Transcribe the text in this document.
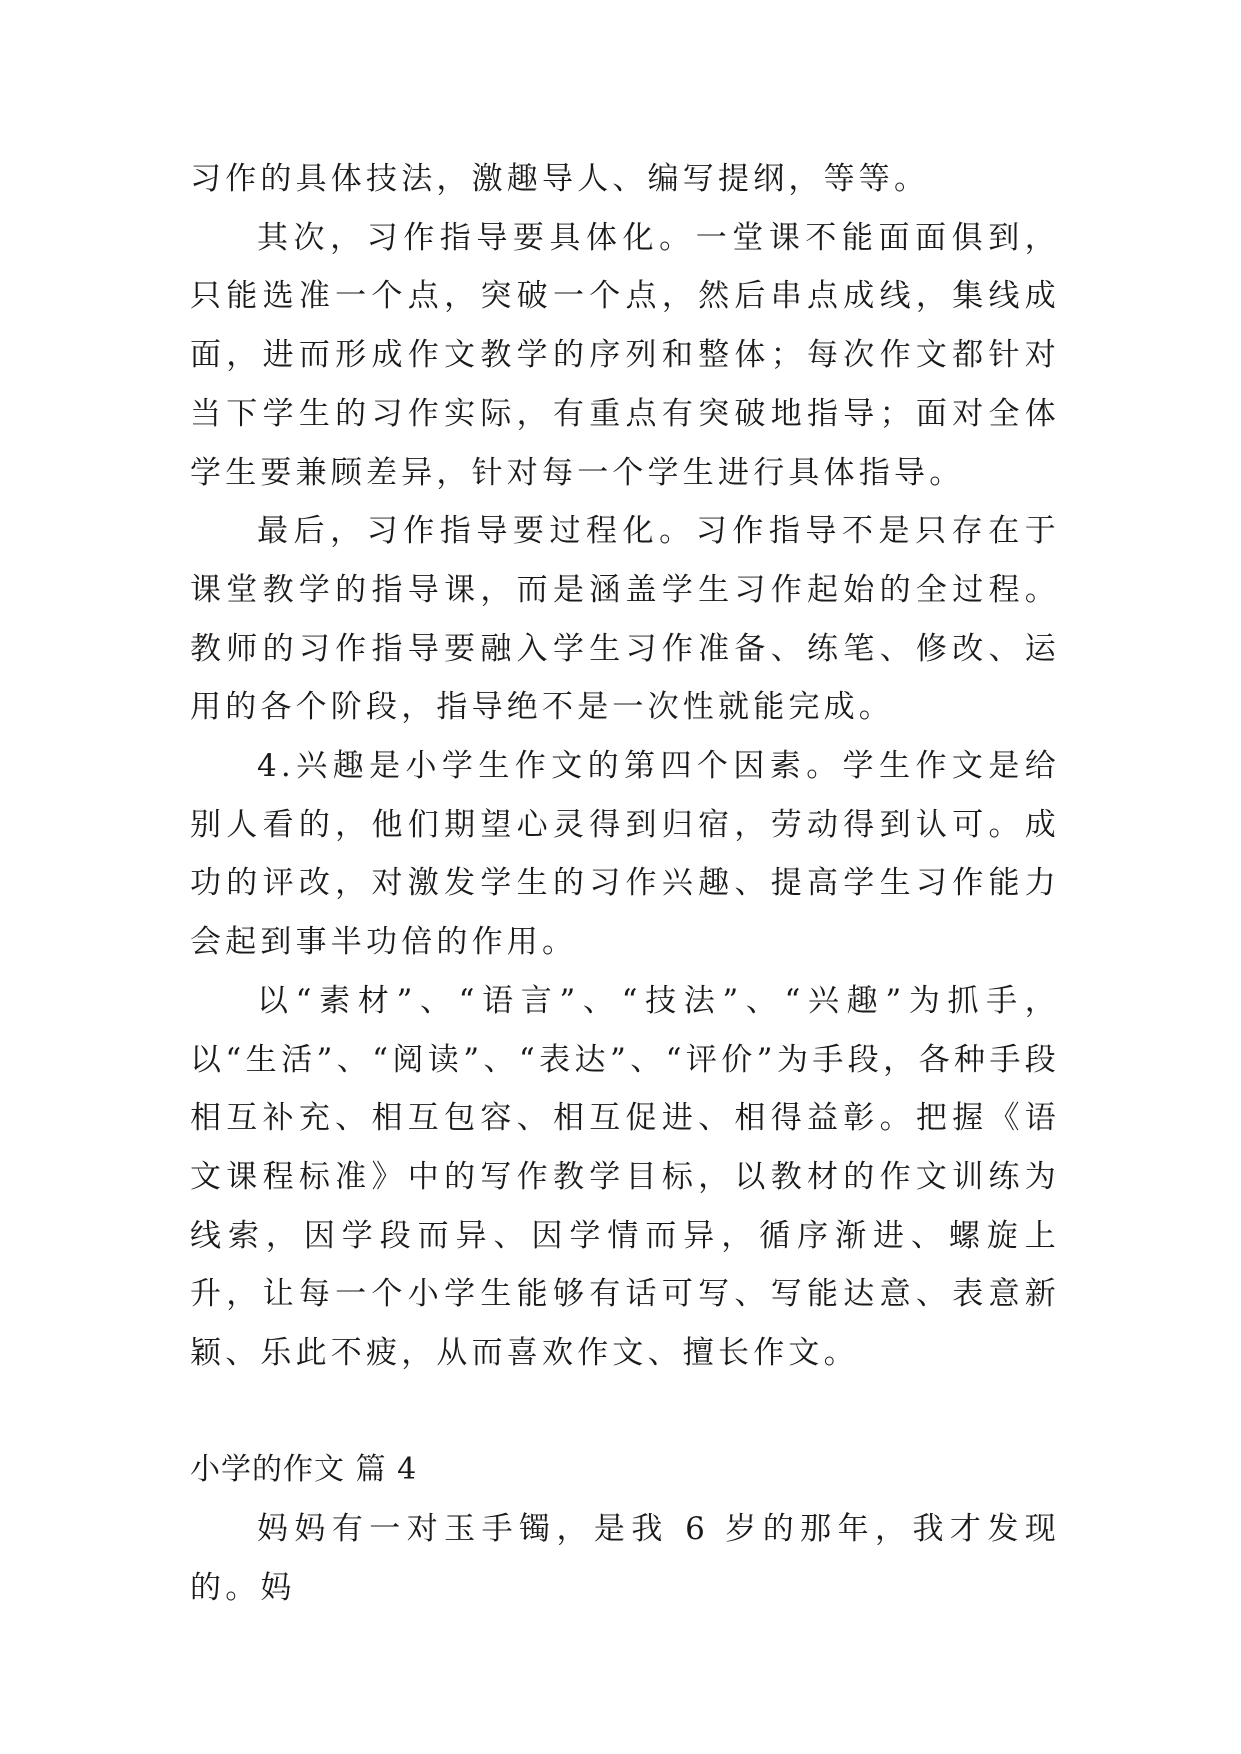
习作的具体技法，激趣导人、编写提纲，等等。

其次，习作指导要具体化。一堂课不能面面俱到，只能选准一个点，突破一个点，然后串点成线，集线成面，进而形成作文教学的序列和整体；每次作文都针对当下学生的习作实际，有重点有突破地指导；面对全体学生要兼顾差异，针对每一个学生进行具体指导。

最后，习作指导要过程化。习作指导不是只存在于课堂教学的指导课，而是涵盖学生习作起始的全过程。教师的习作指导要融入学生习作准备、练笔、修改、运用的各个阶段，指导绝不是一次性就能完成。

4.兴趣是小学生作文的第四个因素。学生作文是给别人看的，他们期望心灵得到归宿，劳动得到认可。成功的评改，对激发学生的习作兴趣、提高学生习作能力会起到事半功倍的作用。

以“素材”、“语言”、“技法”、“兴趣”为抓手，以“生活”、“阅读”、“表达”、“评价”为手段，各种手段相互补充、相互包容、相互促进、相得益彰。把握《语文课程标准》中的写作教学目标，以教材的作文训练为线索，因学段而异、因学情而异，循序渐进、螺旋上升，让每一个小学生能够有话可写、写能达意、表意新颖、乐此不疲，从而喜欢作文、擅长作文。

小学的作文 篇 4

妈妈有一对玉手镯，是我 6 岁的那年，我才发现的。妈
